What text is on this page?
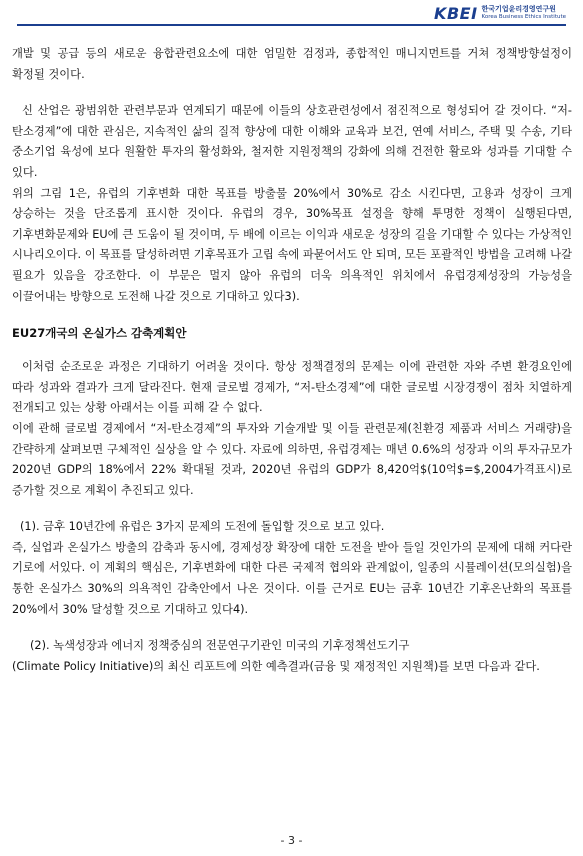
KBEI 한국기업윤리경영연구원
Korea Business Ethics Institute

개발 및 공급 등의 새로운 융합관련요소에 대한 엄밀한 검정과, 종합적인 매니지먼트를 거쳐 정책방향설정이 확정될 것이다.

신 산업은 광범위한 관련부문과 연계되기 때문에 이들의 상호관련성에서 점진적으로 형성되어 갈 것이다. “저-탄소경제”에 대한 관심은, 지속적인 삶의 질적 향상에 대한 이해와 교육과 보건, 연예 서비스, 주택 및 수송, 기타 중소기업 육성에 보다 원활한 투자의 활성화와, 철저한 지원정책의 강화에 의해 건전한 활로와 성과를 기대할 수 있다.

위의 그림 1은, 유럽의 기후변화 대한 목표를 방출물 20%에서 30%로 감소 시킨다면, 고용과 성장이 크게 상승하는 것을 단조롭게 표시한 것이다. 유럽의 경우, 30%목표 설정을 향해 투명한 정책이 실행된다면, 기후변화문제와 EU에 큰 도움이 될 것이며, 두 배에 이르는 이익과 새로운 성장의 길을 기대할 수 있다는 가상적인 시나리오이다. 이 목표를 달성하려면 기후목표가 고립 속에 파묻어서도 안 되며, 모든 포괄적인 방법을 고려해 나갈 필요가 있음을 강조한다. 이 부문은 멀지 않아 유럽의 더욱 의욕적인 위치에서 유럽경제성장의 가능성을 이끌어내는 방향으로 도전해 나갈 것으로 기대하고 있다3).

EU27개국의 온실가스 감축계획안

이처럼 순조로운 과정은 기대하기 어려울 것이다. 항상 정책결정의 문제는 이에 관련한 자와 주변 환경요인에 따라 성과와 결과가 크게 달라진다. 현재 글로벌 경제가, “저-탄소경제”에 대한 글로벌 시장경쟁이 점차 치열하게 전개되고 있는 상황 아래서는 이를 피해 갈 수 없다.

이에 관해 글로벌 경제에서 “저-탄소경제”의 투자와 기술개발 및 이들 관련문제(친환경 제품과 서비스 거래량)을 간략하게 살펴보면 구체적인 실상을 알 수 있다. 자료에 의하면, 유럽경제는 매년 0.6%의 성장과 이의 투자규모가 2020년 GDP의 18%에서 22% 확대될 것과, 2020년 유럽의 GDP가 8,420억$(10억$=$,2004가격표시)로 증가할 것으로 계획이 추진되고 있다.

(1). 금후 10년간에 유럽은 3가지 문제의 도전에 돌입할 것으로 보고 있다.

즉, 실업과 온실가스 방출의 감축과 동시에, 경제성장 확장에 대한 도전을 받아 들일 것인가의 문제에 대해 커다란 기로에 서있다. 이 계획의 핵심은, 기후변화에 대한 다른 국제적 협의와 관계없이, 일종의 시뮬레이션(모의실험)을 통한 온실가스 30%의 의욕적인 감축안에서 나온 것이다. 이를 근거로 EU는 금후 10년간 기후온난화의 목표를 20%에서 30% 달성할 것으로 기대하고 있다4).

(2). 녹색성장과 에너지 정책중심의 전문연구기관인 미국의 기후정책선도기구

(Climate Policy Initiative)의 최신 리포트에 의한 예측결과(금융 및 재정적인 지원책)를 보면 다음과 같다.

- 3 -
